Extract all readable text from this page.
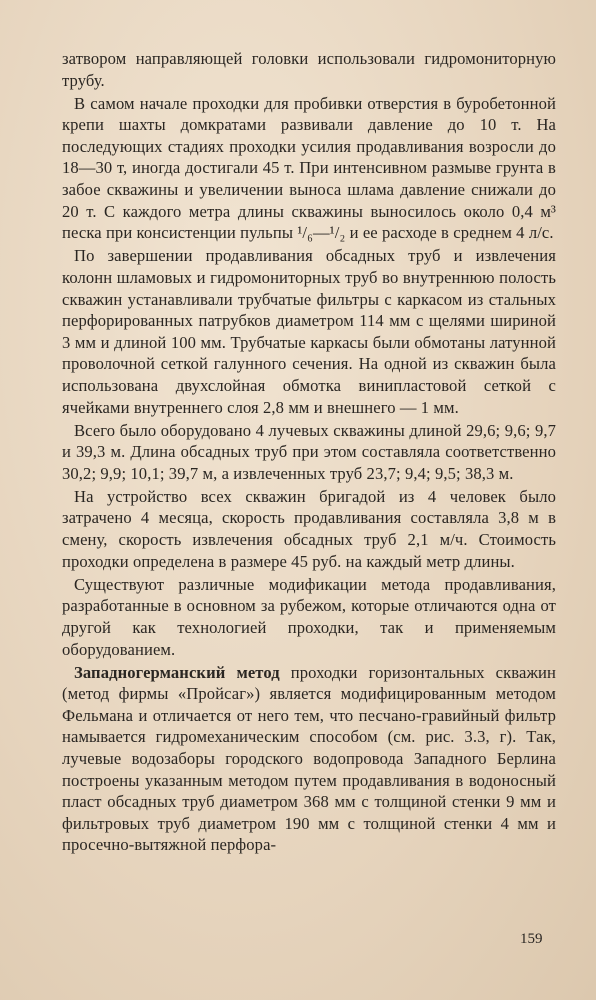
затвором направляющей головки использовали гидромониторную трубу.

В самом начале проходки для пробивки отверстия в буробетонной крепи шахты домкратами развивали давление до 10 т. На последующих стадиях проходки усилия продавливания возросли до 18—30 т, иногда достигали 45 т. При интенсивном размыве грунта в забое скважины и увеличении выноса шлама давление снижали до 20 т. С каждого метра длины скважины выносилось около 0,4 м³ песка при консистенции пульпы ¹/₆—¹/₂ и ее расходе в среднем 4 л/с.

По завершении продавливания обсадных труб и извлечения колонн шламовых и гидромониторных труб во внутреннюю полость скважин устанавливали трубчатые фильтры с каркасом из стальных перфорированных патрубков диаметром 114 мм с щелями шириной 3 мм и длиной 100 мм. Трубчатые каркасы были обмотаны латунной проволочной сеткой галунного сечения. На одной из скважин была использована двухслойная обмотка винипластовой сеткой с ячейками внутреннего слоя 2,8 мм и внешнего — 1 мм.

Всего было оборудовано 4 лучевых скважины длиной 29,6; 9,6; 9,7 и 39,3 м. Длина обсадных труб при этом составляла соответственно 30,2; 9,9; 10,1; 39,7 м, а извлеченных труб 23,7; 9,4; 9,5; 38,3 м.

На устройство всех скважин бригадой из 4 человек было затрачено 4 месяца, скорость продавливания составляла 3,8 м в смену, скорость извлечения обсадных труб 2,1 м/ч. Стоимость проходки определена в размере 45 руб. на каждый метр длины.

Существуют различные модификации метода продавливания, разработанные в основном за рубежом, которые отличаются одна от другой как технологией проходки, так и применяемым оборудованием.

Западногерманский метод проходки горизонтальных скважин (метод фирмы «Пройсаг») является модифицированным методом Фельмана и отличается от него тем, что песчано-гравийный фильтр намывается гидромеханическим способом (см. рис. 3.3, г). Так, лучевые водозаборы городского водопровода Западного Берлина построены указанным методом путем продавливания в водоносный пласт обсадных труб диаметром 368 мм с толщиной стенки 9 мм и фильтровых труб диаметром 190 мм с толщиной стенки 4 мм и просечно-вытяжной перфора-

159
